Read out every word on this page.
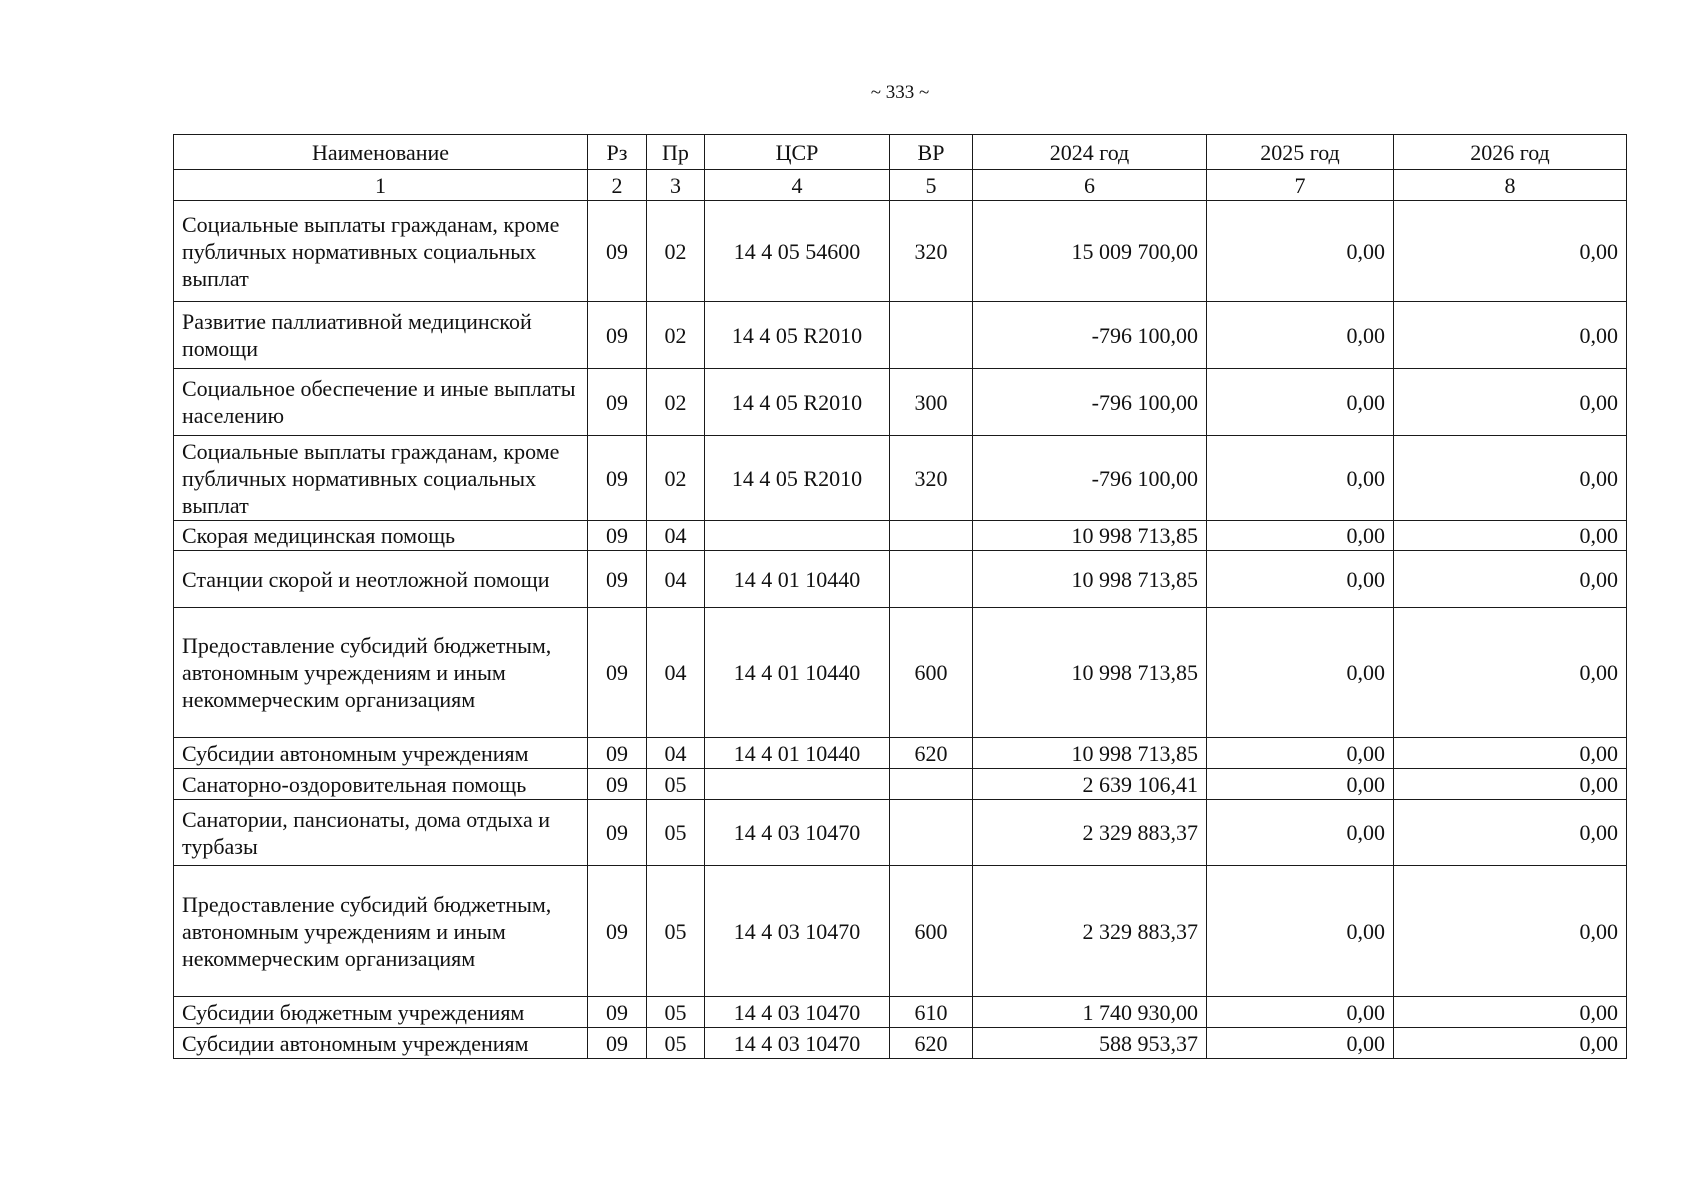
~ 333 ~
Наименование	Рз	Пр	ЦСР	ВР	2024 год	2025 год	2026 год
1	2	3	4	5	6	7	8
Социальные выплаты гражданам, кроме публичных нормативных социальных выплат	09	02	14 4 05 54600	320	15 009 700,00	0,00	0,00
Развитие паллиативной медицинской помощи	09	02	14 4 05 R2010		-796 100,00	0,00	0,00
Социальное обеспечение и иные выплаты населению	09	02	14 4 05 R2010	300	-796 100,00	0,00	0,00
Социальные выплаты гражданам, кроме публичных нормативных социальных выплат	09	02	14 4 05 R2010	320	-796 100,00	0,00	0,00
Скорая медицинская помощь	09	04			10 998 713,85	0,00	0,00
Станции скорой и неотложной помощи	09	04	14 4 01 10440		10 998 713,85	0,00	0,00
Предоставление субсидий бюджетным, автономным учреждениям и иным некоммерческим организациям	09	04	14 4 01 10440	600	10 998 713,85	0,00	0,00
Субсидии автономным учреждениям	09	04	14 4 01 10440	620	10 998 713,85	0,00	0,00
Санаторно-оздоровительная помощь	09	05			2 639 106,41	0,00	0,00
Санатории, пансионаты, дома отдыха и турбазы	09	05	14 4 03 10470		2 329 883,37	0,00	0,00
Предоставление субсидий бюджетным, автономным учреждениям и иным некоммерческим организациям	09	05	14 4 03 10470	600	2 329 883,37	0,00	0,00
Субсидии бюджетным учреждениям	09	05	14 4 03 10470	610	1 740 930,00	0,00	0,00
Субсидии автономным учреждениям	09	05	14 4 03 10470	620	588 953,37	0,00	0,00
